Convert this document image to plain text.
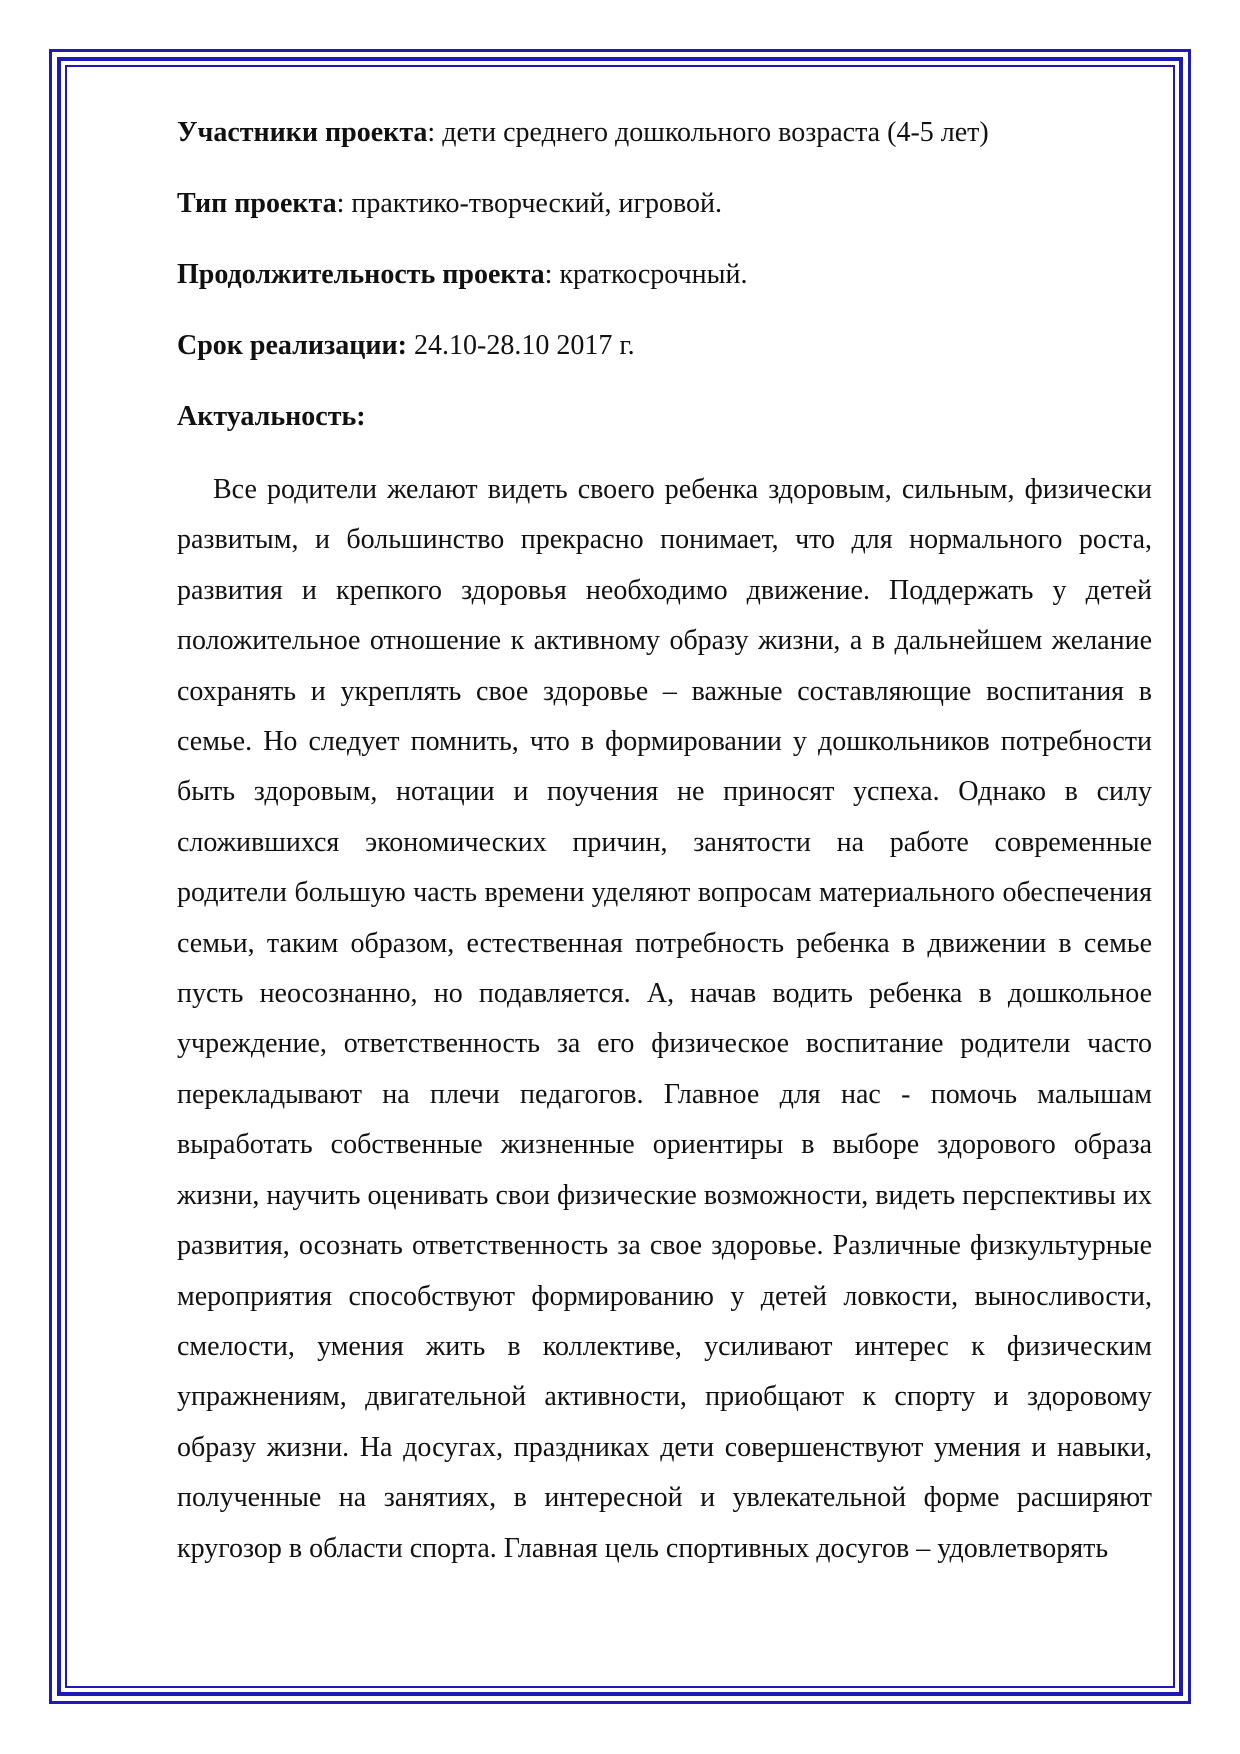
Участники проекта: дети среднего дошкольного возраста (4-5 лет)

Тип проекта: практико-творческий, игровой.

Продолжительность проекта: краткосрочный.

Срок реализации: 24.10-28.10 2017 г.

Актуальность:

Все родители желают видеть своего ребенка здоровым, сильным, физически развитым, и большинство прекрасно понимает, что для нормального роста, развития и крепкого здоровья необходимо движение. Поддержать у детей положительное отношение к активному образу жизни, а в дальнейшем желание сохранять и укреплять свое здоровье – важные составляющие воспитания в семье. Но следует помнить, что в формировании у дошкольников потребности быть здоровым, нотации и поучения не приносят успеха. Однако в силу сложившихся экономических причин, занятости на работе современные родители большую часть времени уделяют вопросам материального обеспечения семьи, таким образом, естественная потребность ребенка в движении в семье пусть неосознанно, но подавляется. А, начав водить ребенка в дошкольное учреждение, ответственность за его физическое воспитание родители часто перекладывают на плечи педагогов. Главное для нас - помочь малышам выработать собственные жизненные ориентиры в выборе здорового образа жизни, научить оценивать свои физические возможности, видеть перспективы их развития, осознать ответственность за свое здоровье. Различные физкультурные мероприятия способствуют формированию у детей ловкости, выносливости, смелости, умения жить в коллективе, усиливают интерес к физическим упражнениям, двигательной активности, приобщают к спорту и здоровому образу жизни. На досугах, праздниках дети совершенствуют умения и навыки, полученные на занятиях, в интересной и увлекательной форме расширяют кругозор в области спорта. Главная цель спортивных досугов – удовлетворять
